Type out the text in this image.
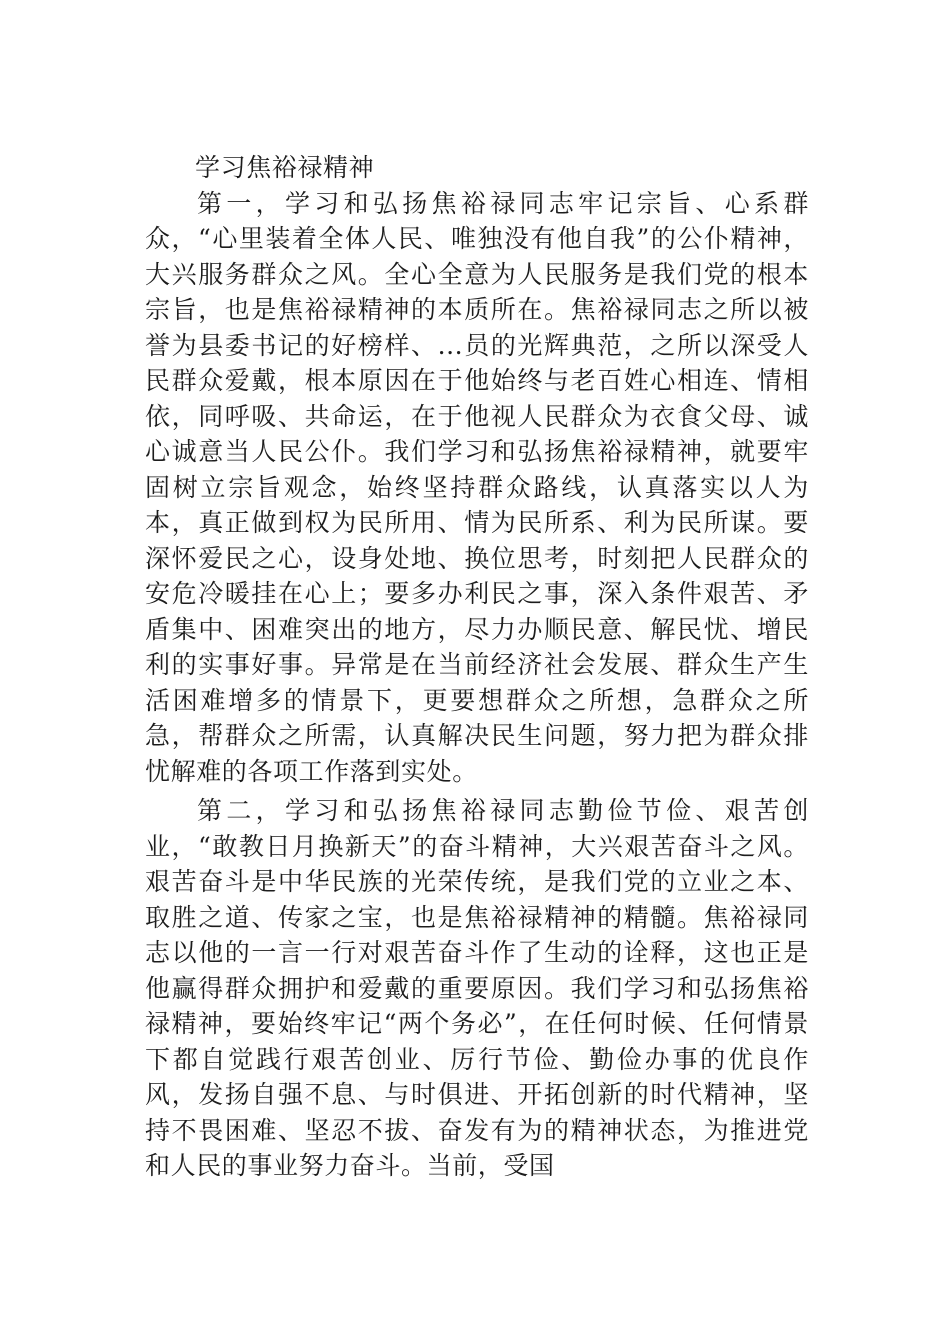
学习焦裕禄精神

第一，学习和弘扬焦裕禄同志牢记宗旨、心系群众，“心里装着全体人民、唯独没有他自我”的公仆精神，大兴服务群众之风。全心全意为人民服务是我们党的根本宗旨，也是焦裕禄精神的本质所在。焦裕禄同志之所以被誉为县委书记的好榜样、...员的光辉典范，之所以深受人民群众爱戴，根本原因在于他始终与老百姓心相连、情相依，同呼吸、共命运，在于他视人民群众为衣食父母、诚心诚意当人民公仆。我们学习和弘扬焦裕禄精神，就要牢固树立宗旨观念，始终坚持群众路线，认真落实以人为本，真正做到权为民所用、情为民所系、利为民所谋。要深怀爱民之心，设身处地、换位思考，时刻把人民群众的安危冷暖挂在心上；要多办利民之事，深入条件艰苦、矛盾集中、困难突出的地方，尽力办顺民意、解民忧、增民利的实事好事。异常是在当前经济社会发展、群众生产生活困难增多的情景下，更要想群众之所想，急群众之所急，帮群众之所需，认真解决民生问题，努力把为群众排忧解难的各项工作落到实处。

第二，学习和弘扬焦裕禄同志勤俭节俭、艰苦创业，“敢教日月换新天”的奋斗精神，大兴艰苦奋斗之风。艰苦奋斗是中华民族的光荣传统，是我们党的立业之本、取胜之道、传家之宝，也是焦裕禄精神的精髓。焦裕禄同志以他的一言一行对艰苦奋斗作了生动的诠释，这也正是他赢得群众拥护和爱戴的重要原因。我们学习和弘扬焦裕禄精神，要始终牢记“两个务必”，在任何时候、任何情景下都自觉践行艰苦创业、厉行节俭、勤俭办事的优良作风，发扬自强不息、与时俱进、开拓创新的时代精神，坚持不畏困难、坚忍不拔、奋发有为的精神状态，为推进党和人民的事业努力奋斗。当前，受国
